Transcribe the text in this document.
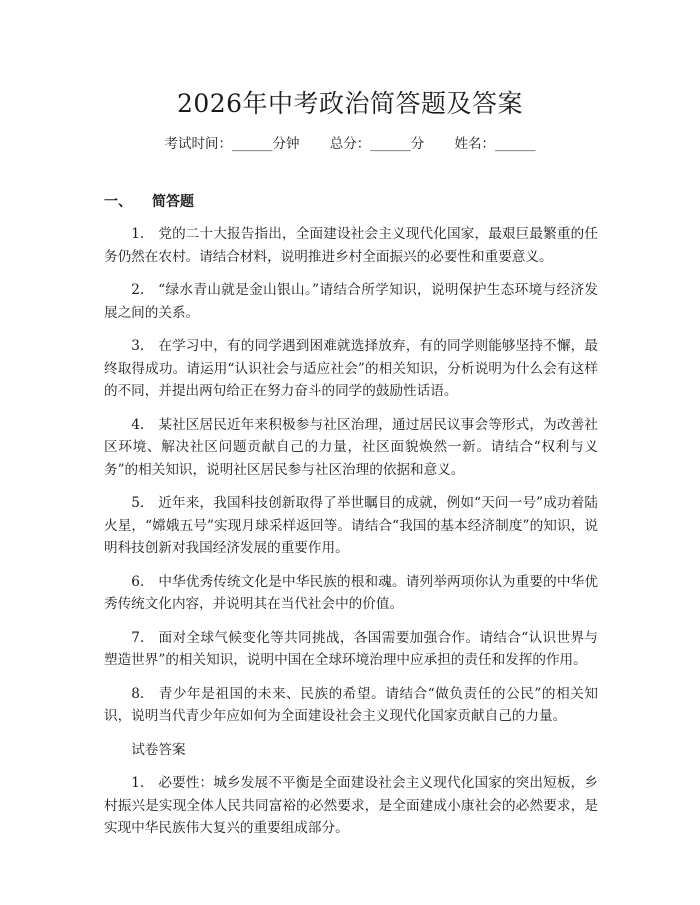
2026年中考政治简答题及答案
考试时间：______分钟 总分：______分 姓名：______
一、 简答题

1. 党的二十大报告指出，全面建设社会主义现代化国家，最艰巨最繁重的任务仍然在农村。请结合材料，说明推进乡村全面振兴的必要性和重要意义。

2. “绿水青山就是金山银山。”请结合所学知识，说明保护生态环境与经济发展之间的关系。

3. 在学习中，有的同学遇到困难就选择放弃，有的同学则能够坚持不懈，最终取得成功。请运用“认识社会与适应社会”的相关知识，分析说明为什么会有这样的不同，并提出两句给正在努力奋斗的同学的鼓励性话语。

4. 某社区居民近年来积极参与社区治理，通过居民议事会等形式，为改善社区环境、解决社区问题贡献自己的力量，社区面貌焕然一新。请结合“权利与义务”的相关知识，说明社区居民参与社区治理的依据和意义。

5. 近年来，我国科技创新取得了举世瞩目的成就，例如“天问一号”成功着陆火星，“嫦娥五号”实现月球采样返回等。请结合“我国的基本经济制度”的知识，说明科技创新对我国经济发展的重要作用。

6. 中华优秀传统文化是中华民族的根和魂。请列举两项你认为重要的中华优秀传统文化内容，并说明其在当代社会中的价值。

7. 面对全球气候变化等共同挑战，各国需要加强合作。请结合“认识世界与塑造世界”的相关知识，说明中国在全球环境治理中应承担的责任和发挥的作用。

8. 青少年是祖国的未来、民族的希望。请结合“做负责任的公民”的相关知识，说明当代青少年应如何为全面建设社会主义现代化国家贡献自己的力量。

试卷答案

1. 必要性：城乡发展不平衡是全面建设社会主义现代化国家的突出短板，乡村振兴是实现全体人民共同富裕的必然要求，是全面建成小康社会的必然要求，是实现中华民族伟大复兴的重要组成部分。
